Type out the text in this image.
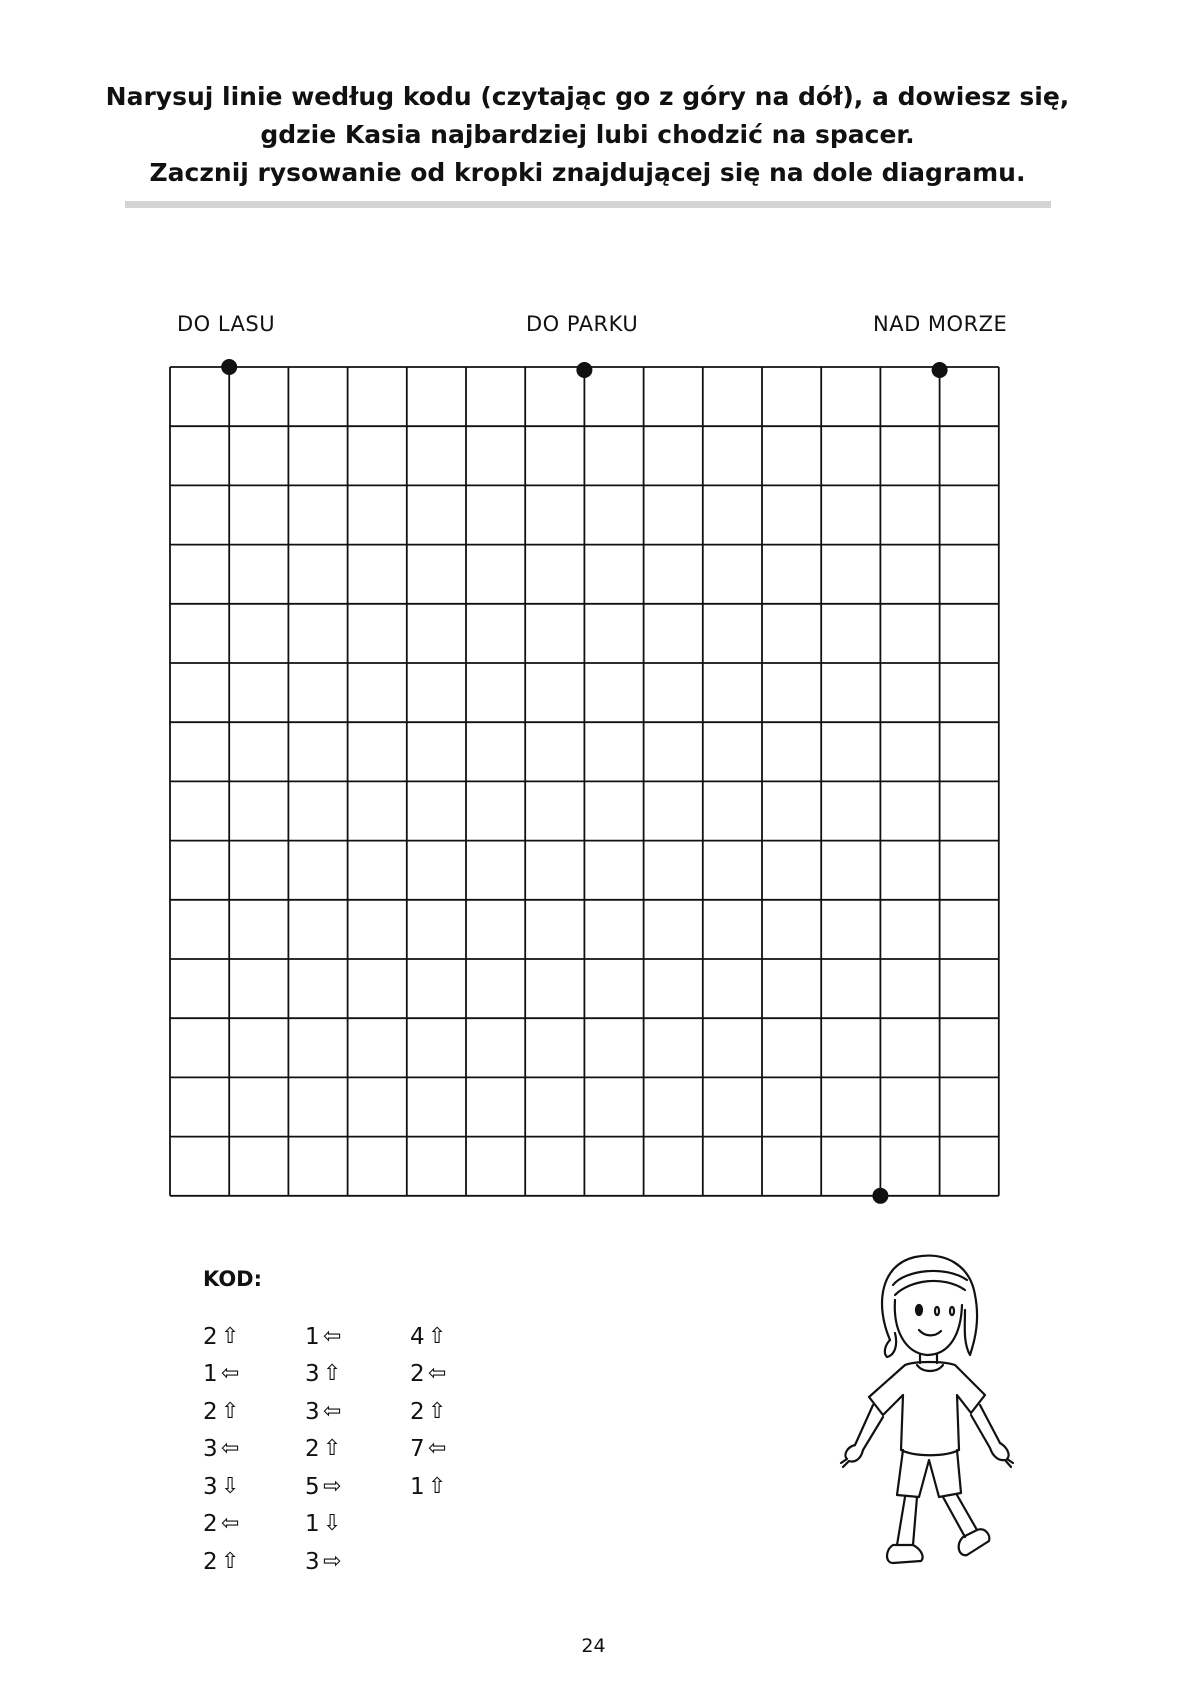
Narysuj linie według kodu (czytając go z góry na dół), a dowiesz się,
gdzie Kasia najbardziej lubi chodzić na spacer.
Zacznij rysowanie od kropki znajdującej się na dole diagramu.
DO LASU	DO PARKU	NAD MORZE
KOD:
2 ⇧
1 ⇦
2 ⇧
3 ⇦
3 ⇩
2 ⇦
2 ⇧
1 ⇦
3 ⇧
3 ⇦
2 ⇧
5 ⇨
1 ⇩
3 ⇨
4 ⇧
2 ⇦
2 ⇧
7 ⇦
1 ⇧
24
